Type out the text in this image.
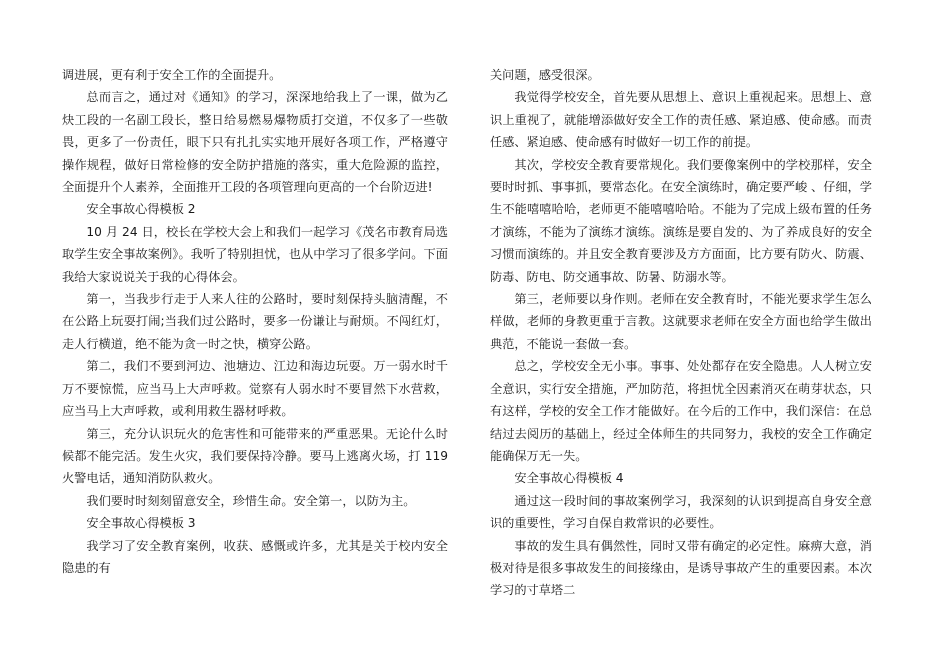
调进展，更有利于安全工作的全面提升。

总而言之，通过对《通知》的学习，深深地给我上了一课，做为乙炔工段的一名副工段长，整日给易燃易爆物质打交道，不仅多了一些敬畏，更多了一份责任，眼下只有扎扎实实地开展好各项工作，严格遵守操作规程，做好日常检修的安全防护措施的落实，重大危险源的监控，全面提升个人素养，全面推开工段的各项管理向更高的一个台阶迈进!

安全事故心得模板 2

10 月 24 日，校长在学校大会上和我们一起学习《茂名市教育局选取学生安全事故案例》。我听了特别担忧，也从中学习了很多学问。下面我给大家说说关于我的心得体会。

第一，当我步行走于人来人往的公路时，要时刻保持头脑清醒，不在公路上玩耍打闹;当我们过公路时，要多一份谦让与耐烦。不闯红灯，走人行横道，绝不能为贪一时之快，横穿公路。

第二，我们不要到河边、池塘边、江边和海边玩耍。万一弱水时千万不要惊慌，应当马上大声呼救。觉察有人弱水时不要冒然下水营救，应当马上大声呼救，或利用救生器材呼救。

第三，充分认识玩火的危害性和可能带来的严重恶果。无论什么时候都不能完活。发生火灾，我们要保持冷静。要马上逃离火场，打 119 火警电话，通知消防队救火。

我们要时时刻刻留意安全，珍惜生命。安全第一，以防为主。

安全事故心得模板 3

我学习了安全教育案例，收获、感慨或许多，尤其是关于校内安全隐患的有

关问题，感受很深。

我觉得学校安全，首先要从思想上、意识上重视起来。思想上、意识上重视了，就能增添做好安全工作的责任感、紧迫感、使命感。而责任感、紧迫感、使命感有时做好一切工作的前提。

其次，学校安全教育要常规化。我们要像案例中的学校那样，安全要时时抓、事事抓，要常态化。在安全演练时，确定要严峻 、仔细，学生不能嘻嘻哈哈，老师更不能嘻嘻哈哈。不能为了完成上级布置的任务才演练，不能为了演练才演练。演练是要自发的、为了养成良好的安全习惯而演练的。并且安全教育要涉及方方面面，比方要有防火、防震、防毒、防电、防交通事故、防暑、防溺水等。

第三，老师要以身作则。老师在安全教育时，不能光要求学生怎么样做，老师的身教更重于言教。这就要求老师在安全方面也给学生做出典范，不能说一套做一套。

总之，学校安全无小事。事事、处处都存在安全隐患。人人树立安全意识，实行安全措施，严加防范，将担忧全因素消灭在萌芽状态，只有这样，学校的安全工作才能做好。在今后的工作中，我们深信：在总结过去阅历的基础上，经过全体师生的共同努力，我校的安全工作确定能确保万无一失。

安全事故心得模板 4

通过这一段时间的事故案例学习，我深刻的认识到提高自身安全意识的重要性，学习自保自救常识的必要性。

事故的发生具有偶然性，同时又带有确定的必定性。麻痹大意，消极对待是很多事故发生的间接缘由，是诱导事故产生的重要因素。本次学习的寸草塔二
